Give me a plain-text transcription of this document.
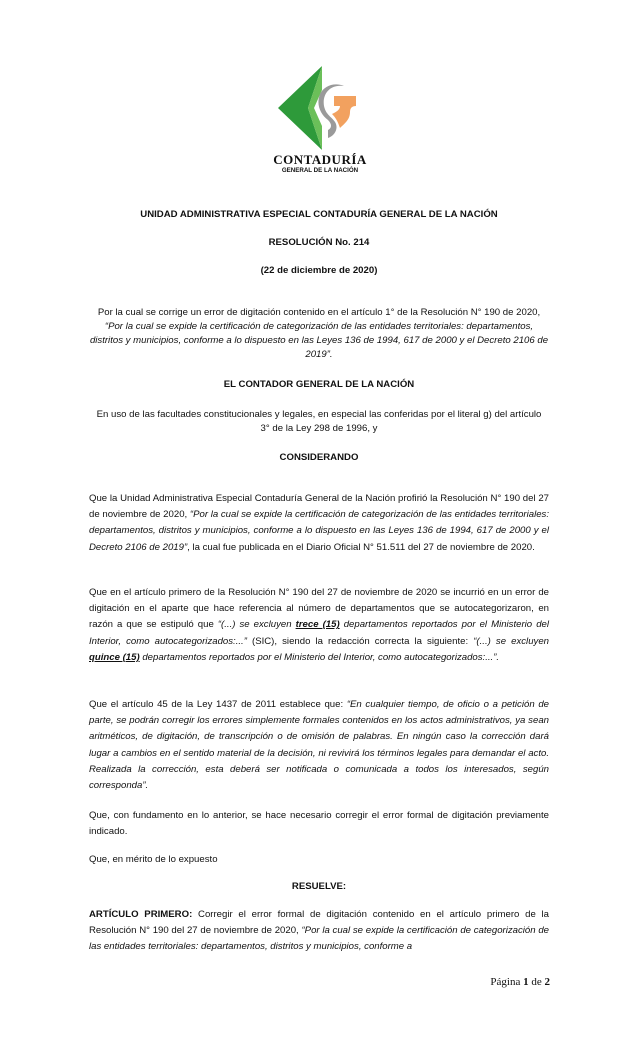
CONTADURÍA
GENERAL DE LA NACIÓN
UNIDAD ADMINISTRATIVA ESPECIAL CONTADURÍA GENERAL DE LA NACIÓN
RESOLUCIÓN No. 214
(22 de diciembre de 2020)
Por la cual se corrige un error de digitación contenido en el artículo 1° de la Resolución N° 190 de 2020, “Por la cual se expide la certificación de categorización de las entidades territoriales: departamentos, distritos y municipios, conforme a lo dispuesto en las Leyes 136 de 1994, 617 de 2000 y el Decreto 2106 de 2019”.
EL CONTADOR GENERAL DE LA NACIÓN
En uso de las facultades constitucionales y legales, en especial las conferidas por el literal g) del artículo 3° de la Ley 298 de 1996, y
CONSIDERANDO
Que la Unidad Administrativa Especial Contaduría General de la Nación profirió la Resolución N° 190 del 27 de noviembre de 2020, “Por la cual se expide la certificación de categorización de las entidades territoriales: departamentos, distritos y municipios, conforme a lo dispuesto en las Leyes 136 de 1994, 617 de 2000 y el Decreto 2106 de 2019”, la cual fue publicada en el Diario Oficial N° 51.511 del 27 de noviembre de 2020.
Que en el artículo primero de la Resolución N° 190 del 27 de noviembre de 2020 se incurrió en un error de digitación en el aparte que hace referencia al número de departamentos que se autocategorizaron, en razón a que se estipuló que “(...) se excluyen trece (15) departamentos reportados por el Ministerio del Interior, como autocategorizados:...” (SIC), siendo la redacción correcta la siguiente: “(...) se excluyen quince (15) departamentos reportados por el Ministerio del Interior, como autocategorizados:...”.
Que el artículo 45 de la Ley 1437 de 2011 establece que: “En cualquier tiempo, de oficio o a petición de parte, se podrán corregir los errores simplemente formales contenidos en los actos administrativos, ya sean aritméticos, de digitación, de transcripción o de omisión de palabras. En ningún caso la corrección dará lugar a cambios en el sentido material de la decisión, ni revivirá los términos legales para demandar el acto. Realizada la corrección, esta deberá ser notificada o comunicada a todos los interesados, según corresponda”.
Que, con fundamento en lo anterior, se hace necesario corregir el error formal de digitación previamente indicado.
Que, en mérito de lo expuesto
RESUELVE:
ARTÍCULO PRIMERO: Corregir el error formal de digitación contenido en el artículo primero de la Resolución N° 190 del 27 de noviembre de 2020, “Por la cual se expide la certificación de categorización de las entidades territoriales: departamentos, distritos y municipios, conforme a
Página 1 de 2
